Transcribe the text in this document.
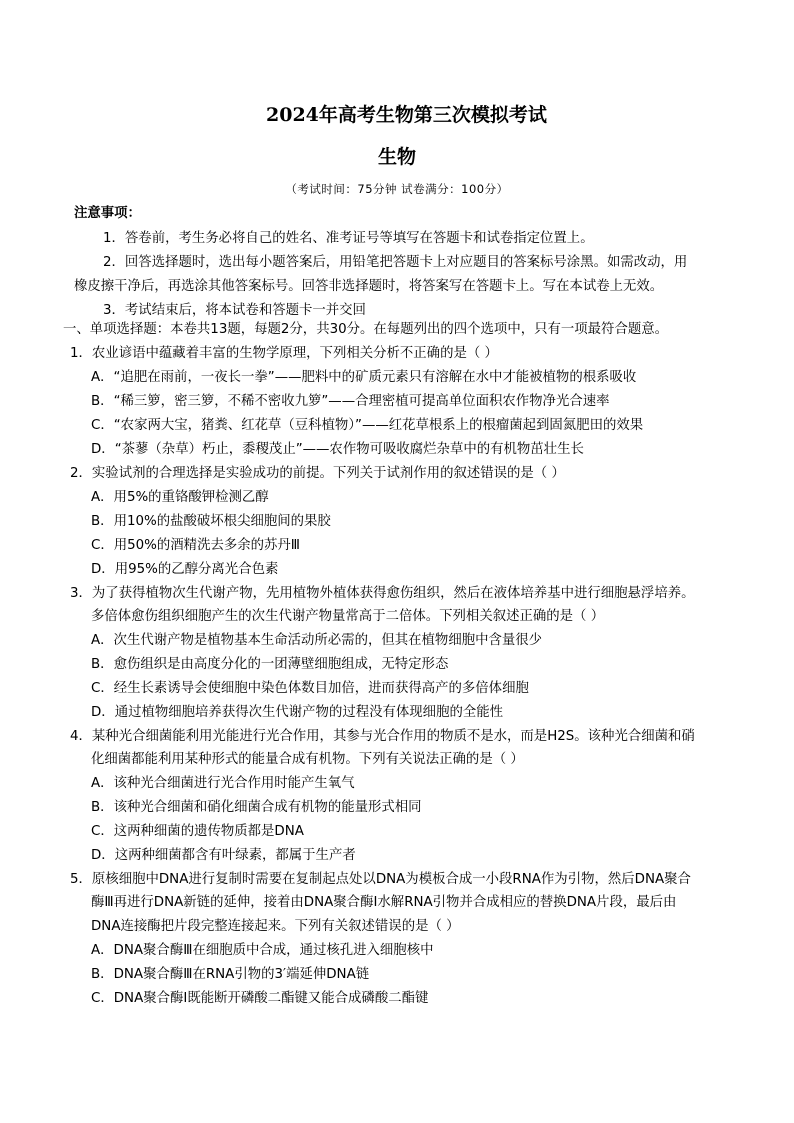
2024年高考生物第三次模拟考试
生物
（考试时间：75分钟 试卷满分：100分）
注意事项：
1．答卷前，考生务必将自己的姓名、准考证号等填写在答题卡和试卷指定位置上。
2．回答选择题时，选出每小题答案后，用铅笔把答题卡上对应题目的答案标号涂黑。如需改动，用
橡皮擦干净后，再选涂其他答案标号。回答非选择题时，将答案写在答题卡上。写在本试卷上无效。
3．考试结束后，将本试卷和答题卡一并交回
一、单项选择题：本卷共13题，每题2分，共30分。在每题列出的四个选项中，只有一项最符合题意。
1．农业谚语中蕴藏着丰富的生物学原理，下列相关分析不正确的是（ ）
A．“追肥在雨前，一夜长一拳”——肥料中的矿质元素只有溶解在水中才能被植物的根系吸收
B．“稀三箩，密三箩，不稀不密收九箩”——合理密植可提高单位面积农作物净光合速率
C．“农家两大宝，猪粪、红花草（豆科植物）”——红花草根系上的根瘤菌起到固氮肥田的效果
D．“茶蓼（杂草）朽止，黍稷茂止”——农作物可吸收腐烂杂草中的有机物茁壮生长
2．实验试剂的合理选择是实验成功的前提。下列关于试剂作用的叙述错误的是（ ）
A．用5%的重铬酸钾检测乙醇
B．用10%的盐酸破坏根尖细胞间的果胶
C．用50%的酒精洗去多余的苏丹Ⅲ
D．用95%的乙醇分离光合色素
3．为了获得植物次生代谢产物，先用植物外植体获得愈伤组织，然后在液体培养基中进行细胞悬浮培养。
多倍体愈伤组织细胞产生的次生代谢产物量常高于二倍体。下列相关叙述正确的是（ ）
A．次生代谢产物是植物基本生命活动所必需的，但其在植物细胞中含量很少
B．愈伤组织是由高度分化的一团薄壁细胞组成，无特定形态
C．经生长素诱导会使细胞中染色体数目加倍，进而获得高产的多倍体细胞
D．通过植物细胞培养获得次生代谢产物的过程没有体现细胞的全能性
4．某种光合细菌能利用光能进行光合作用，其参与光合作用的物质不是水，而是H2S。该种光合细菌和硝
化细菌都能利用某种形式的能量合成有机物。下列有关说法正确的是（ ）
A．该种光合细菌进行光合作用时能产生氧气
B．该种光合细菌和硝化细菌合成有机物的能量形式相同
C．这两种细菌的遗传物质都是DNA
D．这两种细菌都含有叶绿素，都属于生产者
5．原核细胞中DNA进行复制时需要在复制起点处以DNA为模板合成一小段RNA作为引物，然后DNA聚合
酶Ⅲ再进行DNA新链的延伸，接着由DNA聚合酶Ⅰ水解RNA引物并合成相应的替换DNA片段，最后由
DNA连接酶把片段完整连接起来。下列有关叙述错误的是（ ）
A．DNA聚合酶Ⅲ在细胞质中合成，通过核孔进入细胞核中
B．DNA聚合酶Ⅲ在RNA引物的3′端延伸DNA链
C．DNA聚合酶Ⅰ既能断开磷酸二酯键又能合成磷酸二酯键
